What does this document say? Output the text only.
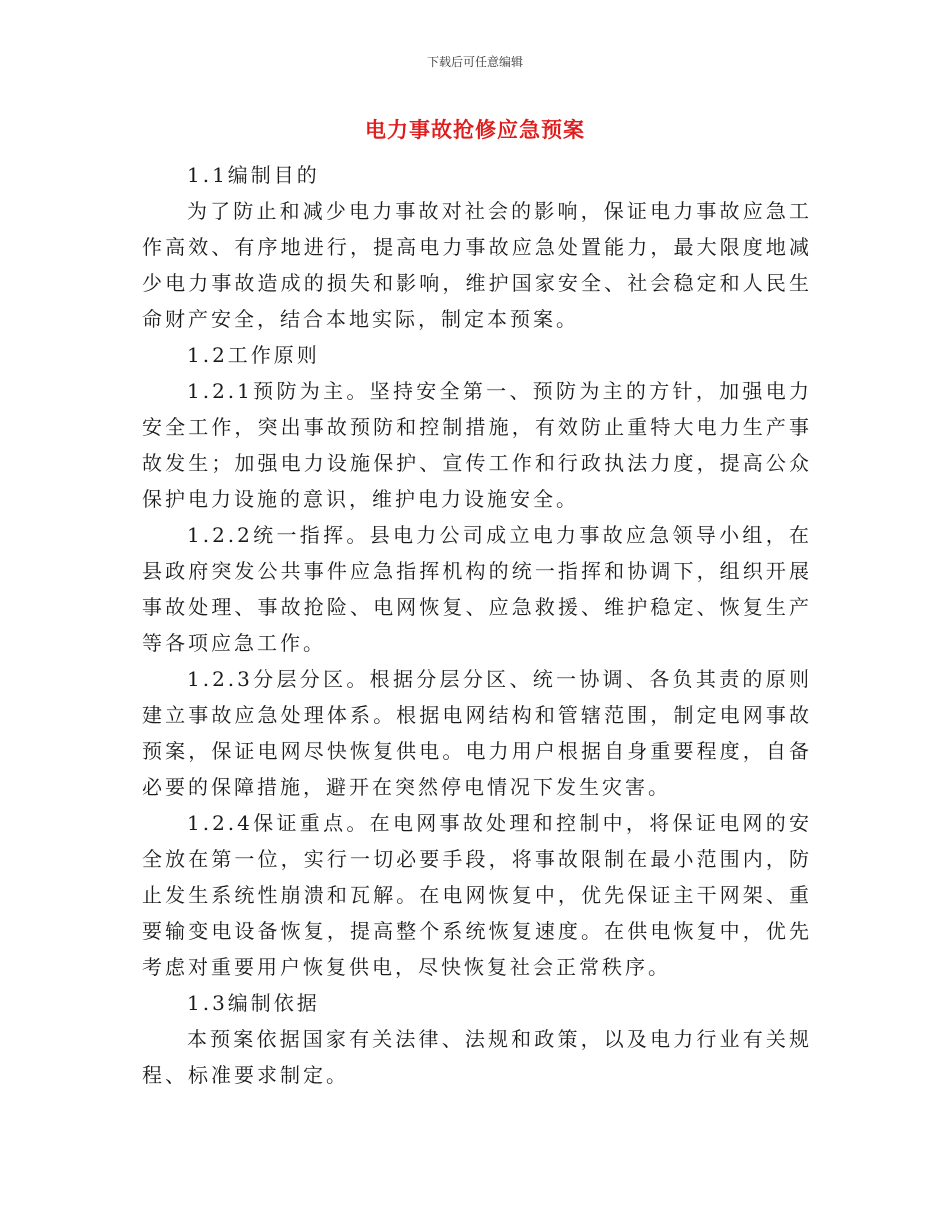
下载后可任意编辑
电力事故抢修应急预案

1.1编制目的

为了防止和减少电力事故对社会的影响，保证电力事故应急工作高效、有序地进行，提高电力事故应急处置能力，最大限度地减少电力事故造成的损失和影响，维护国家安全、社会稳定和人民生命财产安全，结合本地实际，制定本预案。

1.2工作原则

1.2.1预防为主。坚持安全第一、预防为主的方针，加强电力安全工作，突出事故预防和控制措施，有效防止重特大电力生产事故发生；加强电力设施保护、宣传工作和行政执法力度，提高公众保护电力设施的意识，维护电力设施安全。

1.2.2统一指挥。县电力公司成立电力事故应急领导小组，在县政府突发公共事件应急指挥机构的统一指挥和协调下，组织开展事故处理、事故抢险、电网恢复、应急救援、维护稳定、恢复生产等各项应急工作。

1.2.3分层分区。根据分层分区、统一协调、各负其责的原则建立事故应急处理体系。根据电网结构和管辖范围，制定电网事故预案，保证电网尽快恢复供电。电力用户根据自身重要程度，自备必要的保障措施，避开在突然停电情况下发生灾害。

1.2.4保证重点。在电网事故处理和控制中，将保证电网的安全放在第一位，实行一切必要手段，将事故限制在最小范围内，防止发生系统性崩溃和瓦解。在电网恢复中，优先保证主干网架、重要输变电设备恢复，提高整个系统恢复速度。在供电恢复中，优先考虑对重要用户恢复供电，尽快恢复社会正常秩序。

1.3编制依据

本预案依据国家有关法律、法规和政策，以及电力行业有关规程、标准要求制定。
